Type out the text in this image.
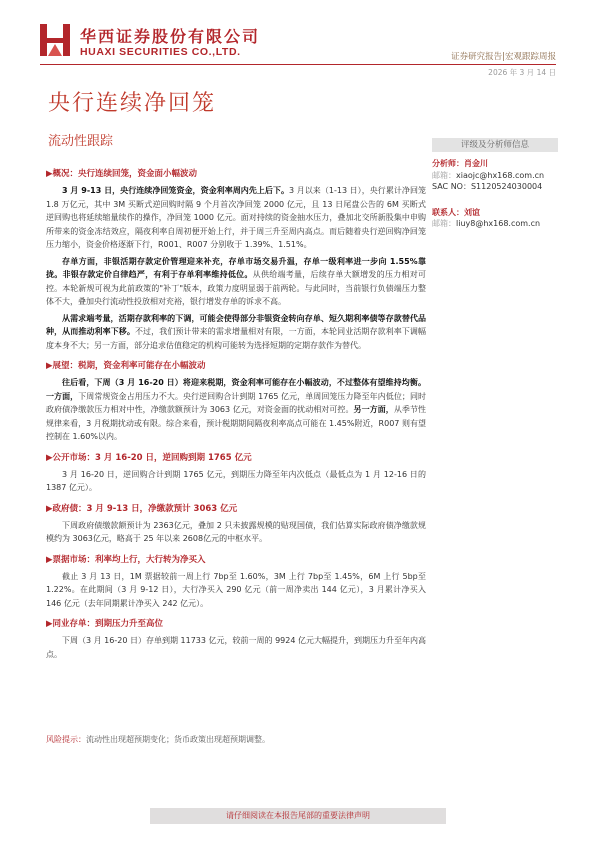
华西证券股份有限公司
HUAXI SECURITIES CO.,LTD.	证券研究报告|宏观跟踪周报
2026 年 3 月 14 日
央行连续净回笼
流动性跟踪	评级及分析师信息
分析师：肖金川
邮箱：xiaojc@hx168.com.cn
SAC NO：S1120524030004
联系人：刘谊
邮箱：liuy8@hx168.com.cn
▶概况：央行连续回笼，资金面小幅波动
3 月 9-13 日，央行连续净回笼资金，资金利率周内先上后下。3 月以来（1-13 日），央行累计净回笼 1.8 万亿元，其中 3M 买断式逆回购时隔 9 个月首次净回笼 2000 亿元，且 13 日尾盘公告的 6M 买断式逆回购也将延续缩量续作的操作，净回笼 1000 亿元。面对持续的资金抽水压力，叠加北交所新股集中申购所带来的资金冻结效应，隔夜利率自周初便开始上行，并于周三升至周内高点。而后随着央行逆回购净回笼压力缩小，资金价格逐渐下行，R001、R007 分别收于 1.39%、1.51%。
存单方面，非银活期存款定价管理迎来补充，存单市场交易升温，存单一级利率进一步向 1.55%靠拢。非银存款定价自律趋严，有利于存单利率维持低位。从供给端考量，后续存单大额增发的压力相对可控。本轮新规可视为此前政策的"补丁"版本，政策力度明显弱于前两轮。与此同时，当前银行负债端压力整体不大，叠加央行流动性投放相对充裕，银行增发存单的诉求不高。
从需求端考量，活期存款利率的下调，可能会使得部分非银资金转向存单、短久期利率债等存款替代品种，从而推动利率下移。不过，我们预计带来的需求增量相对有限，一方面，本轮同业活期存款利率下调幅度本身不大；另一方面，部分追求估值稳定的机构可能转为选择短期的定期存款作为替代。
▶展望：税期，资金利率可能存在小幅波动
往后看，下周（3 月 16-20 日）将迎来税期，资金利率可能存在小幅波动，不过整体有望维持均衡。一方面，下周常规资金占用压力不大。央行逆回购合计到期 1765 亿元，单周回笼压力降至年内低位；同时政府债净缴款压力相对中性，净缴款额预计为 3063 亿元，对资金面的扰动相对可控。另一方面，从季节性规律来看，3 月税期扰动或有限。综合来看，预计税期期间隔夜利率高点可能在 1.45%附近，R007 则有望控制在 1.60%以内。
▶公开市场：3 月 16-20 日，逆回购到期 1765 亿元
3 月 16-20 日，逆回购合计到期 1765 亿元，到期压力降至年内次低点（最低点为 1 月 12-16 日的 1387 亿元）。
▶政府债：3 月 9-13 日，净缴款预计 3063 亿元
下周政府债缴款额预计为 2363亿元，叠加 2 只未披露规模的贴现国债，我们估算实际政府债净缴款规模约为 3063亿元，略高于 25 年以来 2608亿元的中枢水平。
▶票据市场：利率均上行，大行转为净买入
截止 3 月 13 日，1M 票据较前一周上行 7bp至 1.60%，3M 上行 7bp至 1.45%，6M 上行 5bp至 1.22%。在此期间（3 月 9-12 日），大行净买入 290 亿元（前一周净卖出 144 亿元），3 月累计净买入 146 亿元（去年同期累计净买入 242 亿元）。
▶同业存单：到期压力升至高位
下周（3 月 16-20 日）存单到期 11733 亿元，较前一周的 9924 亿元大幅提升，到期压力升至年内高点。
风险提示：流动性出现超预期变化；货币政策出现超预期调整。
请仔细阅读在本报告尾部的重要法律声明
